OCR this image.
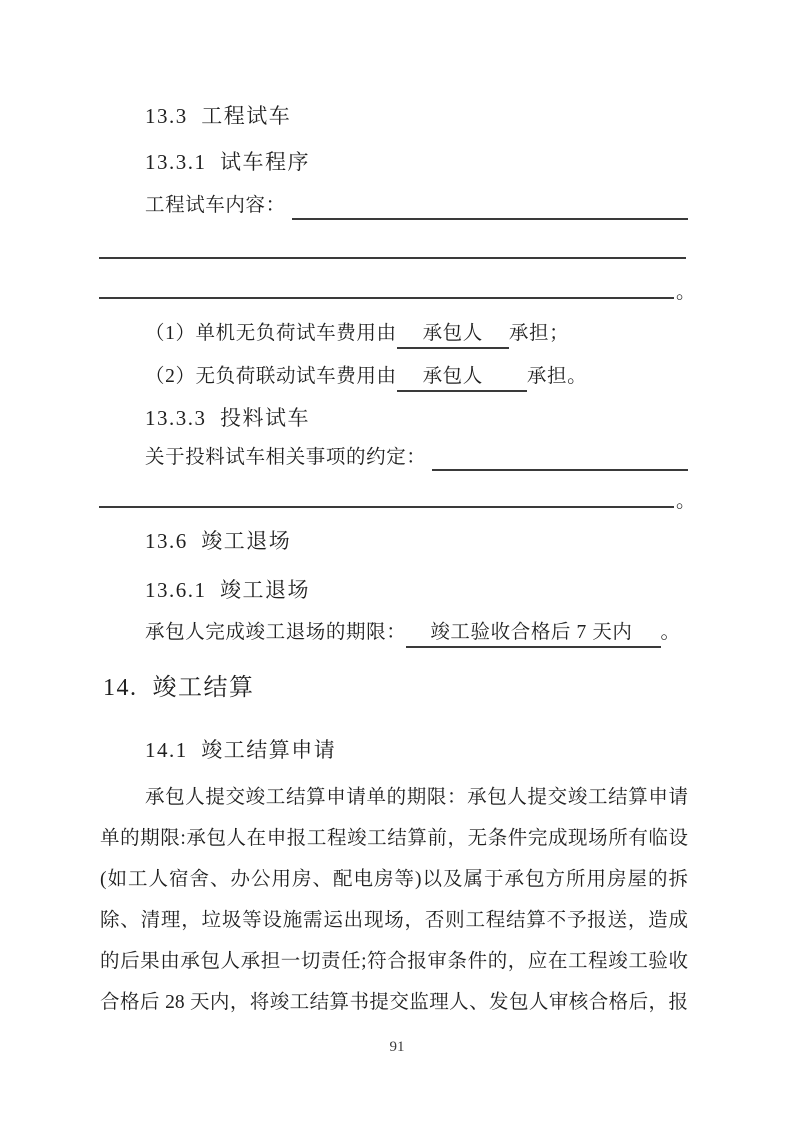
13.3  工程试车
13.3.1  试车程序
工程试车内容：
。
（1）单机无负荷试车费用由 承包人 承担；
（2）无负荷联动试车费用由 承包人 承担。
13.3.3  投料试车
关于投料试车相关事项的约定：
。
13.6  竣工退场
13.6.1  竣工退场
承包人完成竣工退场的期限： 竣工验收合格后 7 天内 。
14.  竣工结算
14.1  竣工结算申请
承包人提交竣工结算申请单的期限：承包人提交竣工结算申请
单的期限:承包人在申报工程竣工结算前，无条件完成现场所有临设
(如工人宿舍、办公用房、配电房等)以及属于承包方所用房屋的拆
除、清理，垃圾等设施需运出现场，否则工程结算不予报送，造成
的后果由承包人承担一切责任;符合报审条件的，应在工程竣工验收
合格后 28 天内，将竣工结算书提交监理人、发包人审核合格后，报
91
